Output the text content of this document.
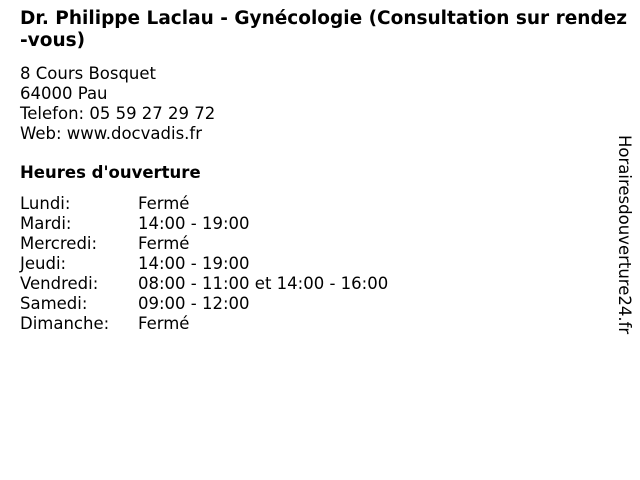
Dr. Philippe Laclau - Gynécologie (Consultation sur rendez-vous)
8 Cours Bosquet
64000 Pau
Telefon: 05 59 27 29 72
Web: www.docvadis.fr
Heures d'ouverture
Lundi:	Fermé
Mardi:	14:00 - 19:00
Mercredi: Fermé
Jeudi:	14:00 - 19:00
Vendredi: 08:00 - 11:00 et 14:00 - 16:00
Samedi:	09:00 - 12:00
Dimanche: Fermé	Horairesdouverture24.fr
